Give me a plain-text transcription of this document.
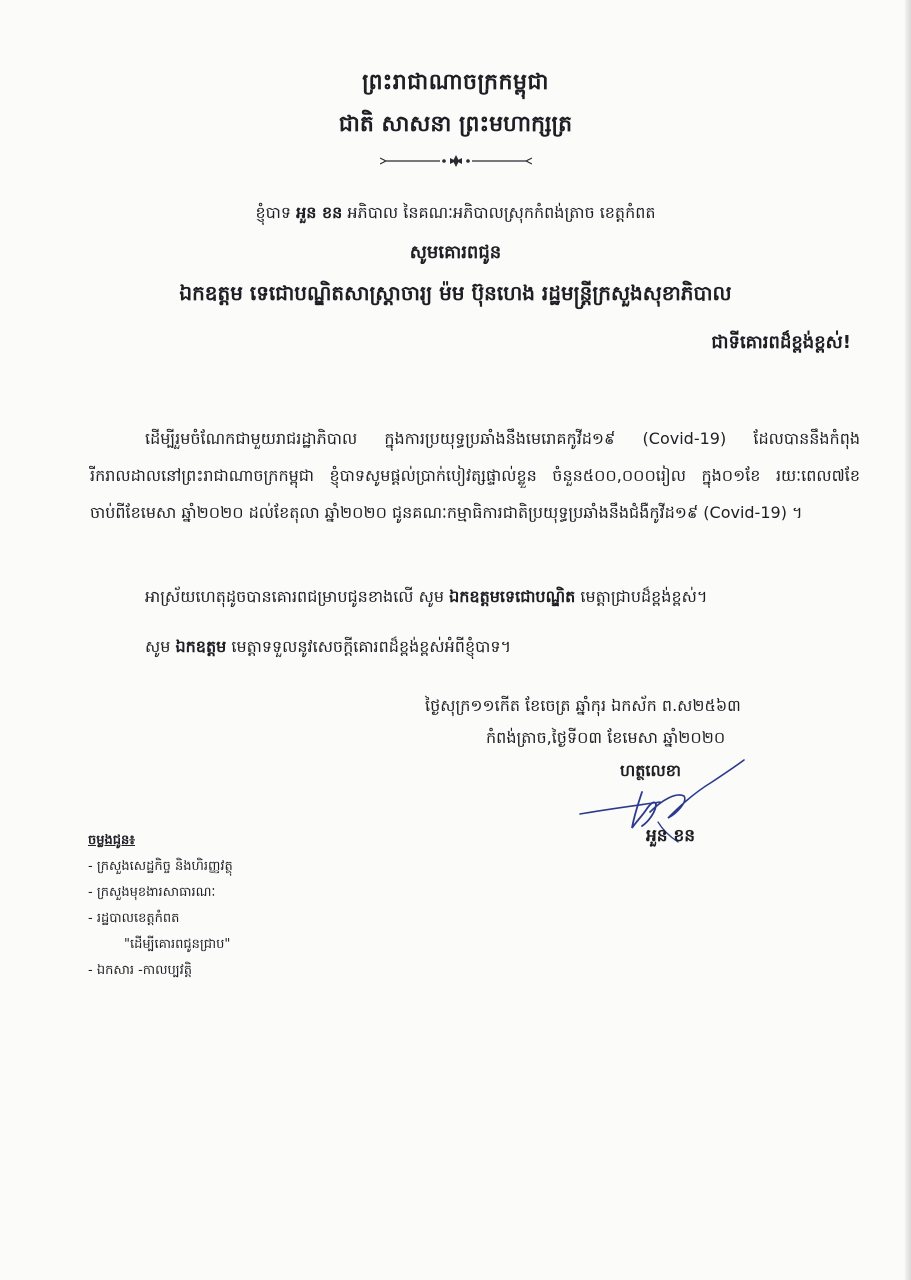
ព្រះរាជាណាចក្រកម្ពុជា
ជាតិ សាសនា ព្រះមហាក្សត្រ
ខ្ញុំបាទ អួន ខន អភិបាល នៃគណៈអភិបាលស្រុកកំពង់ត្រាច ខេត្តកំពត
សូមគោរពជូន
ឯកឧត្តម ទេជោបណ្ឌិតសាស្ត្រាចារ្យ ម៉ម ប៊ុនហេង រដ្ឋមន្ត្រីក្រសួងសុខាភិបាល
ជាទីគោរពដ៏ខ្ពង់ខ្ពស់!
ដើម្បីរួមចំណែកជាមួយរាជរដ្ឋាភិបាល ក្នុងការប្រយុទ្ធប្រឆាំងនឹងមេរោគកូវីដ១៩ (Covid-19) ដែលបាននឹងកំពុងរីករាលដាលនៅព្រះរាជាណាចក្រកម្ពុជា ខ្ញុំបាទសូមផ្តល់ប្រាក់បៀវត្សផ្ទាល់ខ្លួន ចំនួន៥០០,០០០រៀល ក្នុង០១ខែ រយៈពេល៧ខែ ចាប់ពីខែមេសា ឆ្នាំ២០២០ ដល់ខែតុលា ឆ្នាំ២០២០ ជូនគណៈកម្មាធិការជាតិប្រយុទ្ធប្រឆាំងនឹងជំងឺកូវីដ១៩ (Covid-19) ។
អាស្រ័យហេតុដូចបានគោរពជម្រាបជូនខាងលើ សូម ឯកឧត្តមទេជោបណ្ឌិត មេត្តាជ្រាបដ៏ខ្ពង់ខ្ពស់។
សូម ឯកឧត្តម មេត្តាទទួលនូវសេចក្តីគោរពដ៏ខ្ពង់ខ្ពស់អំពីខ្ញុំបាទ។
ថ្ងៃសុក្រ១១កើត ខែចេត្រ ឆ្នាំកុរ ឯកស័ក ព.ស២៥៦៣
កំពង់ត្រាច,ថ្ងៃទី០៣ ខែមេសា ឆ្នាំ២០២០
ហត្ថលេខា
អួន ខន
ចម្លងជូន៖
- ក្រសួងសេដ្ឋកិច្ច និងហិរញ្ញវត្ថុ
- ក្រសួងមុខងារសាធារណៈ
- រដ្ឋបាលខេត្តកំពត
"ដើម្បីគោរពជូនជ្រាប"
- ឯកសារ -កាលប្បវត្តិ
